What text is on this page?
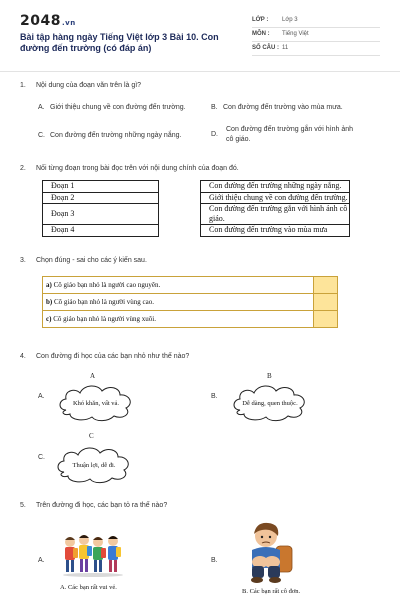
2048.vn
Bài tập hàng ngày Tiếng Việt lớp 3 Bài 10. Con đường đến trường (có đáp án)
LỚP : Lớp 3
MÔN : Tiếng Việt
SỐ CÂU : 11
1. Nội dung của đoạn văn trên là gì?
A. Giới thiệu chung về con đường đến trường.	B. Con đường đến trường vào mùa mưa.
C. Con đường đến trường những ngày nắng.	D.
Con đường đến trường gắn với hình ảnh cô giáo.
2. Nối từng đoạn trong bài đọc trên với nội dung chính của đoạn đó.
Đoạn 1		Con đường đến trường những ngày nắng.
Đoạn 2		Giới thiệu chung về con đường đến trường.
Đoạn 3		Con đường đến trường gắn với hình ảnh cô giáo.
Đoạn 4		Con đường đến trường vào mùa mưa
3. Chọn đúng - sai cho các ý kiến sau.
a) Cô giáo bạn nhỏ là người cao nguyên.	
b) Cô giáo bạn nhỏ là người vùng cao.	
c) Cô giáo bạn nhỏ là người vùng xuôi.	
4. Con đường đi học của các bạn nhỏ như thế nào?
A.
A
Khó khăn, vất vả.
B.
B
Dễ dàng, quen thuộc.
C.
C
Thuận lợi, dễ đi.
5. Trên đường đi học, các bạn tỏ ra thế nào?
A.
A. Các bạn rất vui vẻ.
B.
B. Các bạn rất cô đơn.
